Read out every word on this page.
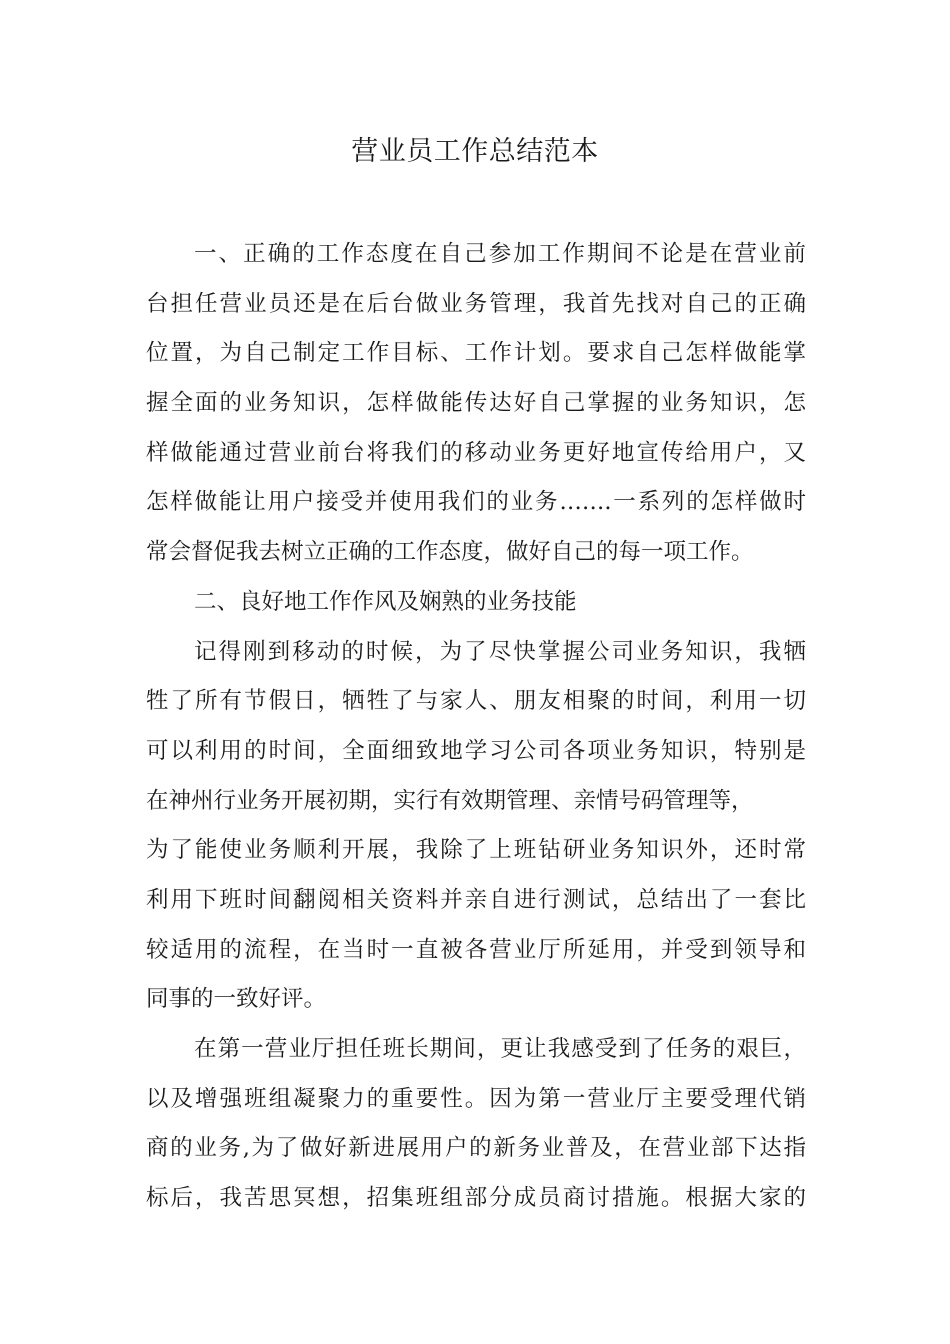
营业员工作总结范本
一、正确的工作态度在自己参加工作期间不论是在营业前
台担任营业员还是在后台做业务管理，我首先找对自己的正确
位置，为自己制定工作目标、工作计划。要求自己怎样做能掌
握全面的业务知识，怎样做能传达好自己掌握的业务知识，怎
样做能通过营业前台将我们的移动业务更好地宣传给用户，又
怎样做能让用户接受并使用我们的业务…….一系列的怎样做时
常会督促我去树立正确的工作态度，做好自己的每一项工作。
二、良好地工作作风及娴熟的业务技能
记得刚到移动的时候，为了尽快掌握公司业务知识，我牺
牲了所有节假日，牺牲了与家人、朋友相聚的时间，利用一切
可以利用的时间，全面细致地学习公司各项业务知识，特别是
在神州行业务开展初期，实行有效期管理、亲情号码管理等，
为了能使业务顺利开展，我除了上班钻研业务知识外，还时常
利用下班时间翻阅相关资料并亲自进行测试，总结出了一套比
较适用的流程，在当时一直被各营业厅所延用，并受到领导和
同事的一致好评。
在第一营业厅担任班长期间，更让我感受到了任务的艰巨，
以及增强班组凝聚力的重要性。因为第一营业厅主要受理代销
商的业务,为了做好新进展用户的新务业普及，在营业部下达指
标后，我苦思冥想，招集班组部分成员商讨措施。根据大家的
